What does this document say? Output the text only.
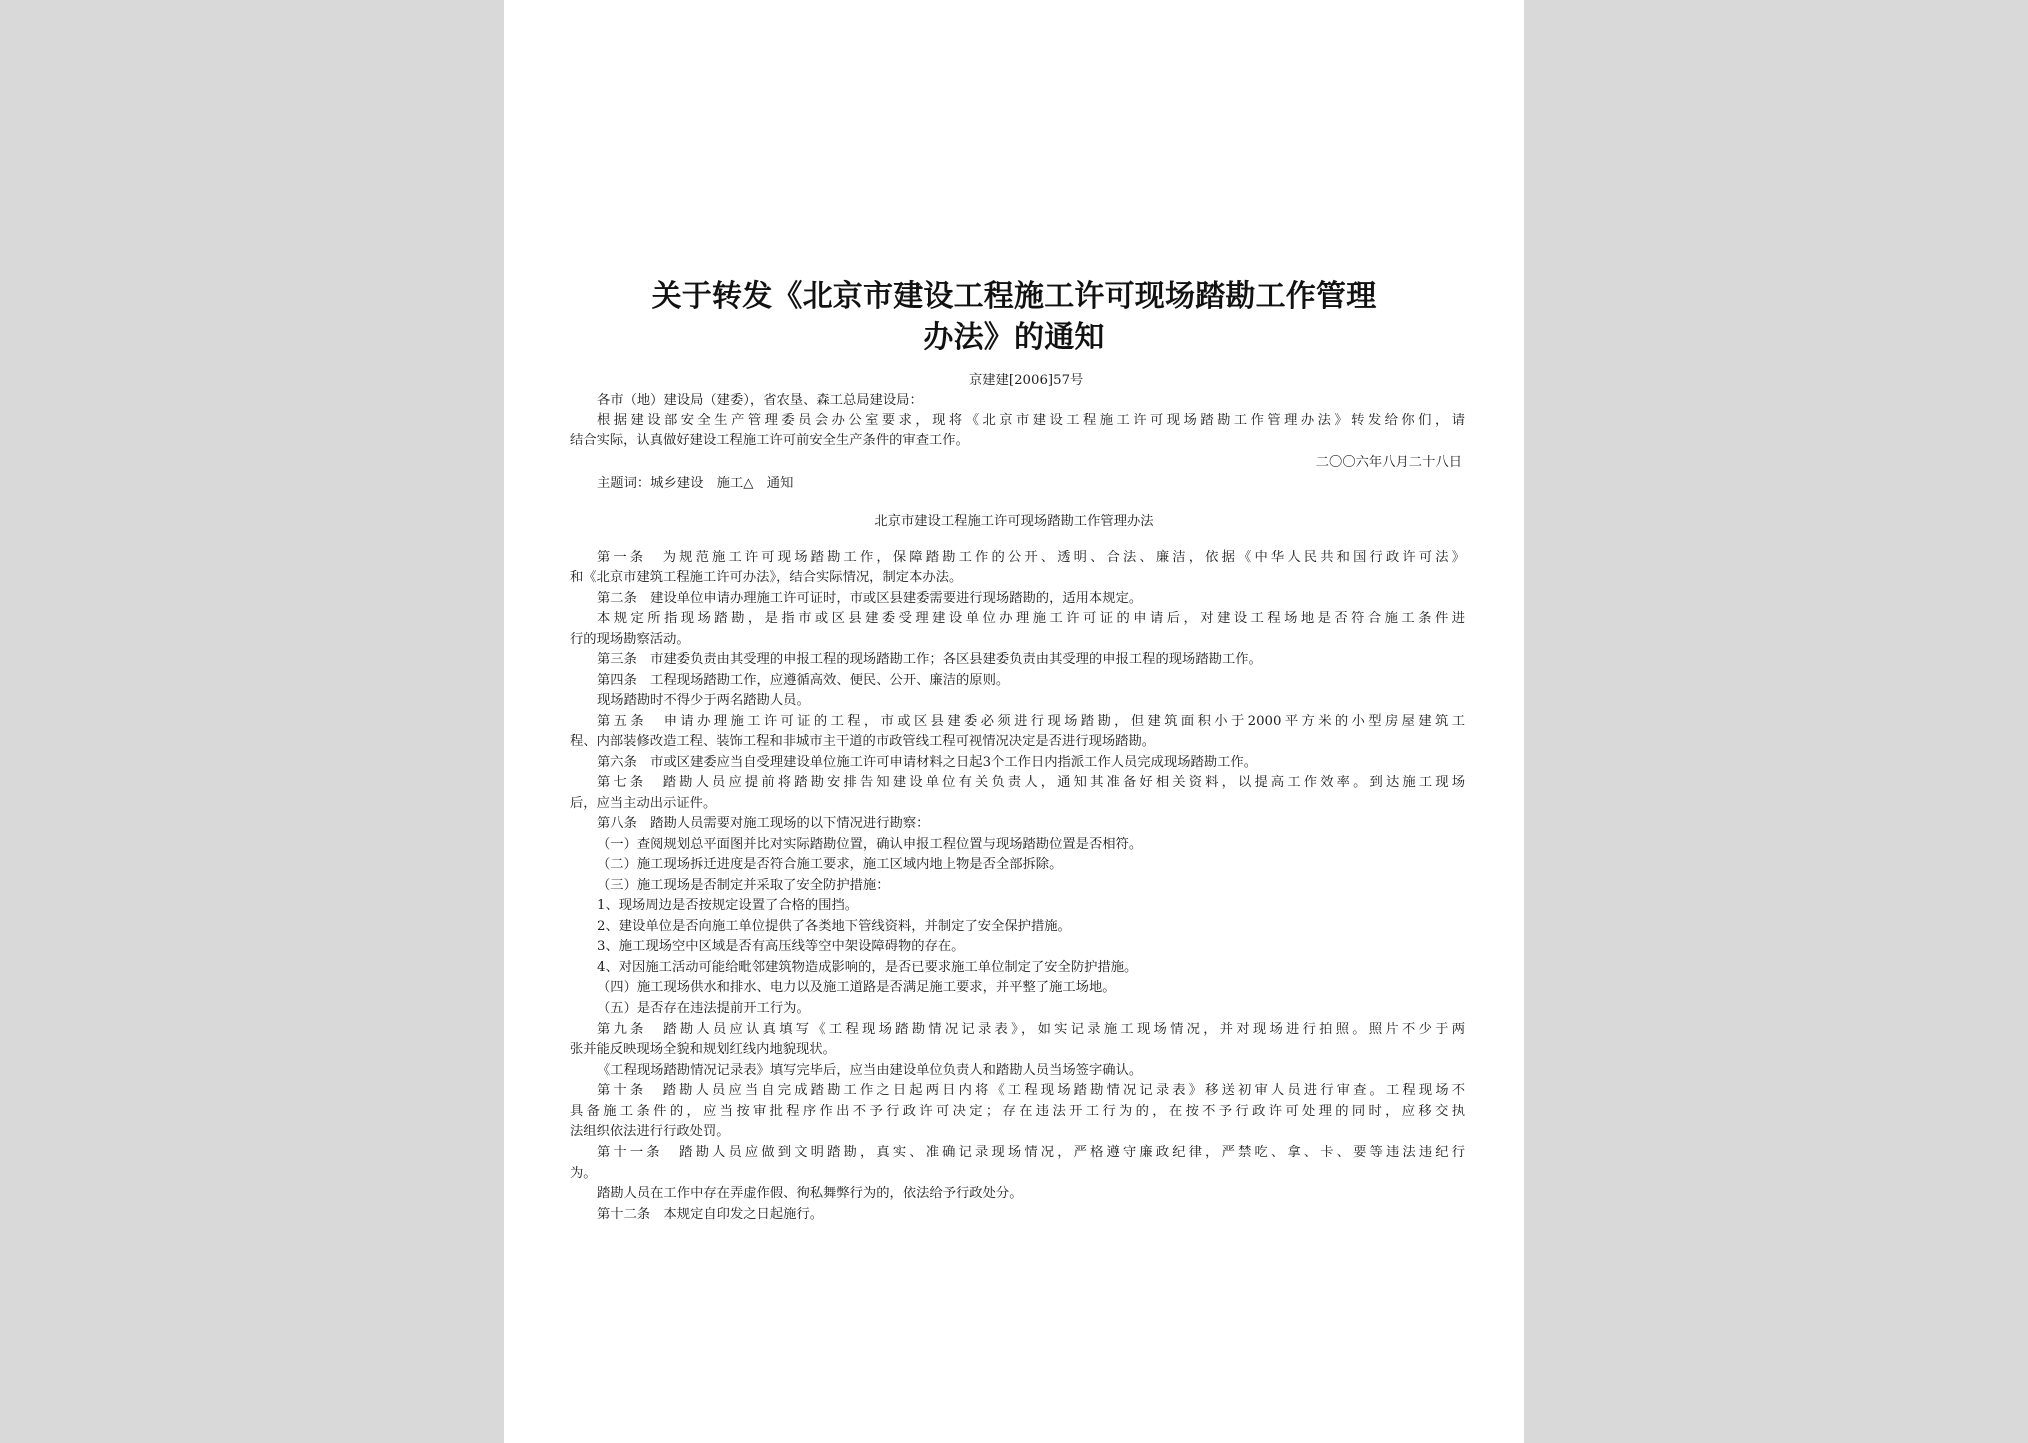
关于转发《北京市建设工程施工许可现场踏勘工作管理
办法》的通知
京建建[2006]57号
各市（地）建设局（建委），省农垦、森工总局建设局：
根据建设部安全生产管理委员会办公室要求，现将《北京市建设工程施工许可现场踏勘工作管理办法》转发给你们，请
结合实际，认真做好建设工程施工许可前安全生产条件的审查工作。
二〇〇六年八月二十八日
主题词：城乡建设　施工△　通知
北京市建设工程施工许可现场踏勘工作管理办法
第一条　为规范施工许可现场踏勘工作，保障踏勘工作的公开、透明、合法、廉洁，依据《中华人民共和国行政许可法》
和《北京市建筑工程施工许可办法》，结合实际情况，制定本办法。
第二条　建设单位申请办理施工许可证时，市或区县建委需要进行现场踏勘的，适用本规定。
本规定所指现场踏勘，是指市或区县建委受理建设单位办理施工许可证的申请后，对建设工程场地是否符合施工条件进
行的现场勘察活动。
第三条　市建委负责由其受理的申报工程的现场踏勘工作；各区县建委负责由其受理的申报工程的现场踏勘工作。
第四条　工程现场踏勘工作，应遵循高效、便民、公开、廉洁的原则。
现场踏勘时不得少于两名踏勘人员。
第五条　申请办理施工许可证的工程，市或区县建委必须进行现场踏勘，但建筑面积小于2000平方米的小型房屋建筑工
程、内部装修改造工程、装饰工程和非城市主干道的市政管线工程可视情况决定是否进行现场踏勘。
第六条　市或区建委应当自受理建设单位施工许可申请材料之日起3个工作日内指派工作人员完成现场踏勘工作。
第七条　踏勘人员应提前将踏勘安排告知建设单位有关负责人，通知其准备好相关资料，以提高工作效率。到达施工现场
后，应当主动出示证件。
第八条　踏勘人员需要对施工现场的以下情况进行勘察：
（一）查阅规划总平面图并比对实际踏勘位置，确认申报工程位置与现场踏勘位置是否相符。
（二）施工现场拆迁进度是否符合施工要求，施工区域内地上物是否全部拆除。
（三）施工现场是否制定并采取了安全防护措施：
1、现场周边是否按规定设置了合格的围挡。
2、建设单位是否向施工单位提供了各类地下管线资料，并制定了安全保护措施。
3、施工现场空中区域是否有高压线等空中架设障碍物的存在。
4、对因施工活动可能给毗邻建筑物造成影响的，是否已要求施工单位制定了安全防护措施。
（四）施工现场供水和排水、电力以及施工道路是否满足施工要求，并平整了施工场地。
（五）是否存在违法提前开工行为。
第九条　踏勘人员应认真填写《工程现场踏勘情况记录表》，如实记录施工现场情况，并对现场进行拍照。照片不少于两
张并能反映现场全貌和规划红线内地貌现状。
《工程现场踏勘情况记录表》填写完毕后，应当由建设单位负责人和踏勘人员当场签字确认。
第十条　踏勘人员应当自完成踏勘工作之日起两日内将《工程现场踏勘情况记录表》移送初审人员进行审查。工程现场不
具备施工条件的，应当按审批程序作出不予行政许可决定；存在违法开工行为的，在按不予行政许可处理的同时，应移交执
法组织依法进行行政处罚。
第十一条　踏勘人员应做到文明踏勘，真实、准确记录现场情况，严格遵守廉政纪律，严禁吃、拿、卡、要等违法违纪行
为。
踏勘人员在工作中存在弄虚作假、徇私舞弊行为的，依法给予行政处分。
第十二条　本规定自印发之日起施行。
